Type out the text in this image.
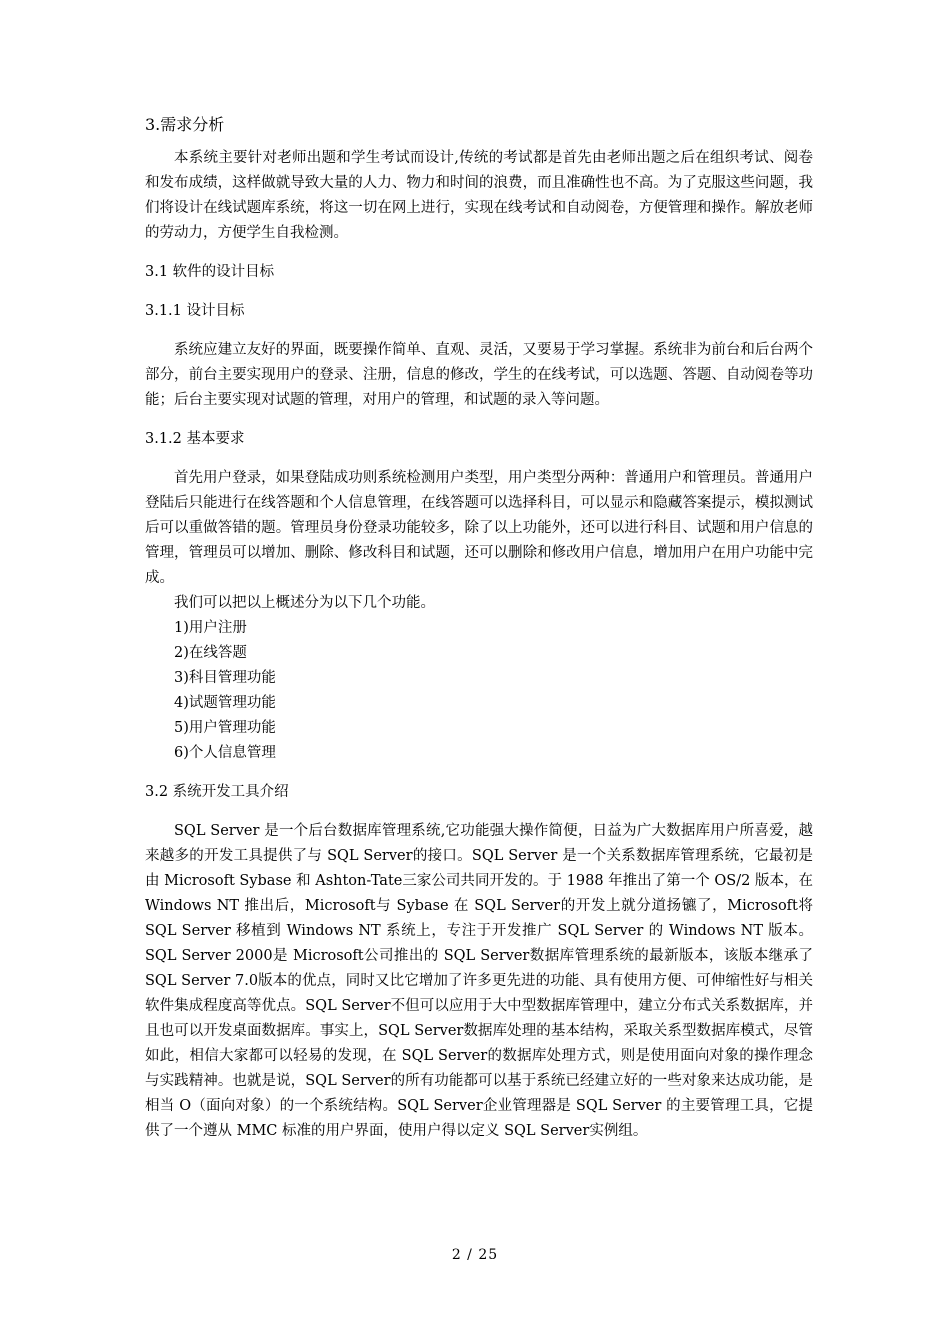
3.需求分析

本系统主要针对老师出题和学生考试而设计,传统的考试都是首先由老师出题之后在组织考试、阅卷和发布成绩，这样做就导致大量的人力、物力和时间的浪费，而且准确性也不高。为了克服这些问题，我们将设计在线试题库系统，将这一切在网上进行，实现在线考试和自动阅卷，方便管理和操作。解放老师的劳动力，方便学生自我检测。

3.1 软件的设计目标
3.1.1 设计目标

系统应建立友好的界面，既要操作简单、直观、灵活，又要易于学习掌握。系统非为前台和后台两个部分，前台主要实现用户的登录、注册，信息的修改，学生的在线考试，可以选题、答题、自动阅卷等功能；后台主要实现对试题的管理，对用户的管理，和试题的录入等问题。

3.1.2 基本要求

首先用户登录，如果登陆成功则系统检测用户类型，用户类型分两种：普通用户和管理员。普通用户登陆后只能进行在线答题和个人信息管理，在线答题可以选择科目，可以显示和隐藏答案提示，模拟测试后可以重做答错的题。管理员身份登录功能较多，除了以上功能外，还可以进行科目、试题和用户信息的管理，管理员可以增加、删除、修改科目和试题，还可以删除和修改用户信息，增加用户在用户功能中完成。

我们可以把以上概述分为以下几个功能。

1)用户注册
2)在线答题
3)科目管理功能
4)试题管理功能
5)用户管理功能
6)个人信息管理
3.2 系统开发工具介绍

SQL Server 是一个后台数据库管理系统,它功能强大操作简便，日益为广大数据库用户所喜爱，越来越多的开发工具提供了与 SQL Server的接口。SQL Server 是一个关系数据库管理系统，它最初是由 Microsoft Sybase 和 Ashton-Tate三家公司共同开发的。于 1988 年推出了第一个 OS/2 版本，在 Windows NT 推出后，Microsoft与 Sybase 在 SQL Server的开发上就分道扬镳了，Microsoft将 SQL Server 移植到 Windows NT 系统上，专注于开发推广 SQL Server 的 Windows NT 版本。SQL Server 2000是 Microsoft公司推出的 SQL Server数据库管理系统的最新版本，该版本继承了 SQL Server 7.0版本的优点，同时又比它增加了许多更先进的功能、具有使用方便、可伸缩性好与相关软件集成程度高等优点。SQL Server不但可以应用于大中型数据库管理中，建立分布式关系数据库，并且也可以开发桌面数据库。事实上，SQL Server数据库处理的基本结构，采取关系型数据库模式，尽管如此，相信大家都可以轻易的发现，在 SQL Server的数据库处理方式，则是使用面向对象的操作理念与实践精神。也就是说，SQL Server的所有功能都可以基于系统已经建立好的一些对象来达成功能，是相当 O（面向对象）的一个系统结构。SQL Server企业管理器是 SQL Server 的主要管理工具，它提供了一个遵从 MMC 标准的用户界面，使用户得以定义 SQL Server实例组。

2 / 25
